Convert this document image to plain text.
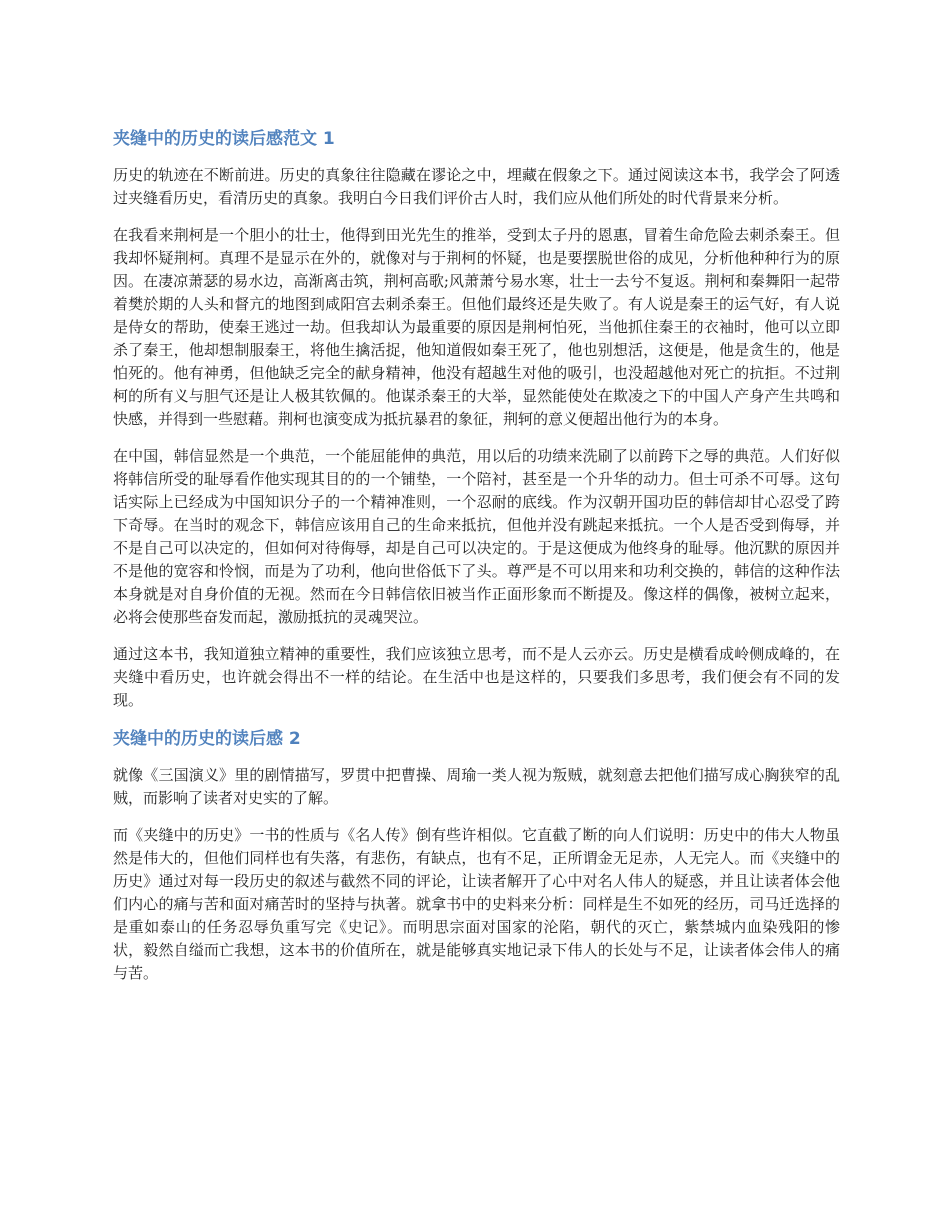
夹缝中的历史的读后感范文 1

历史的轨迹在不断前进。历史的真象往往隐藏在谬论之中，埋藏在假象之下。通过阅读这本书，我学会了阿透过夹缝看历史，看清历史的真象。我明白今日我们评价古人时，我们应从他们所处的时代背景来分析。

在我看来荆柯是一个胆小的壮士，他得到田光先生的推举，受到太子丹的恩惠，冒着生命危险去刺杀秦王。但我却怀疑荆柯。真理不是显示在外的，就像对与于荆柯的怀疑，也是要摆脱世俗的成见，分析他种种行为的原因。在凄凉萧瑟的易水边，高渐离击筑，荆柯高歌;风萧萧兮易水寒，壮士一去兮不复返。荆柯和秦舞阳一起带着樊於期的人头和督亢的地图到咸阳宫去刺杀秦王。但他们最终还是失败了。有人说是秦王的运气好，有人说是侍女的帮助，使秦王逃过一劫。但我却认为最重要的原因是荆柯怕死，当他抓住秦王的衣袖时，他可以立即杀了秦王，他却想制服秦王，将他生擒活捉，他知道假如秦王死了，他也别想活，这便是，他是贪生的，他是怕死的。他有神勇，但他缺乏完全的献身精神，他没有超越生对他的吸引，也没超越他对死亡的抗拒。不过荆柯的所有义与胆气还是让人极其钦佩的。他谋杀秦王的大举，显然能使处在欺凌之下的中国人产身产生共鸣和快感，并得到一些慰藉。荆柯也演变成为抵抗暴君的象征，荆轲的意义便超出他行为的本身。

在中国，韩信显然是一个典范，一个能屈能伸的典范，用以后的功绩来洗刷了以前跨下之辱的典范。人们好似将韩信所受的耻辱看作他实现其目的的一个铺垫，一个陪衬，甚至是一个升华的动力。但士可杀不可辱。这句话实际上已经成为中国知识分子的一个精神准则，一个忍耐的底线。作为汉朝开国功臣的韩信却甘心忍受了跨下奇辱。在当时的观念下，韩信应该用自己的生命来抵抗，但他并没有跳起来抵抗。一个人是否受到侮辱，并不是自己可以决定的，但如何对待侮辱，却是自己可以决定的。于是这便成为他终身的耻辱。他沉默的原因并不是他的宽容和怜悯，而是为了功利，他向世俗低下了头。尊严是不可以用来和功利交换的，韩信的这种作法本身就是对自身价值的无视。然而在今日韩信依旧被当作正面形象而不断提及。像这样的偶像，被树立起来，必将会使那些奋发而起，激励抵抗的灵魂哭泣。

通过这本书，我知道独立精神的重要性，我们应该独立思考，而不是人云亦云。历史是横看成岭侧成峰的，在夹缝中看历史，也许就会得出不一样的结论。在生活中也是这样的，只要我们多思考，我们便会有不同的发现。

夹缝中的历史的读后感 2

就像《三国演义》里的剧情描写，罗贯中把曹操、周瑜一类人视为叛贼，就刻意去把他们描写成心胸狭窄的乱贼，而影响了读者对史实的了解。

而《夹缝中的历史》一书的性质与《名人传》倒有些许相似。它直截了断的向人们说明：历史中的伟大人物虽然是伟大的，但他们同样也有失落，有悲伤，有缺点，也有不足，正所谓金无足赤，人无完人。而《夹缝中的历史》通过对每一段历史的叙述与截然不同的评论，让读者解开了心中对名人伟人的疑惑，并且让读者体会他们内心的痛与苦和面对痛苦时的坚持与执著。就拿书中的史料来分析：同样是生不如死的经历，司马迁选择的是重如泰山的任务忍辱负重写完《史记》。而明思宗面对国家的沦陷，朝代的灭亡，紫禁城内血染残阳的惨状，毅然自缢而亡我想，这本书的价值所在，就是能够真实地记录下伟人的长处与不足，让读者体会伟人的痛与苦。
